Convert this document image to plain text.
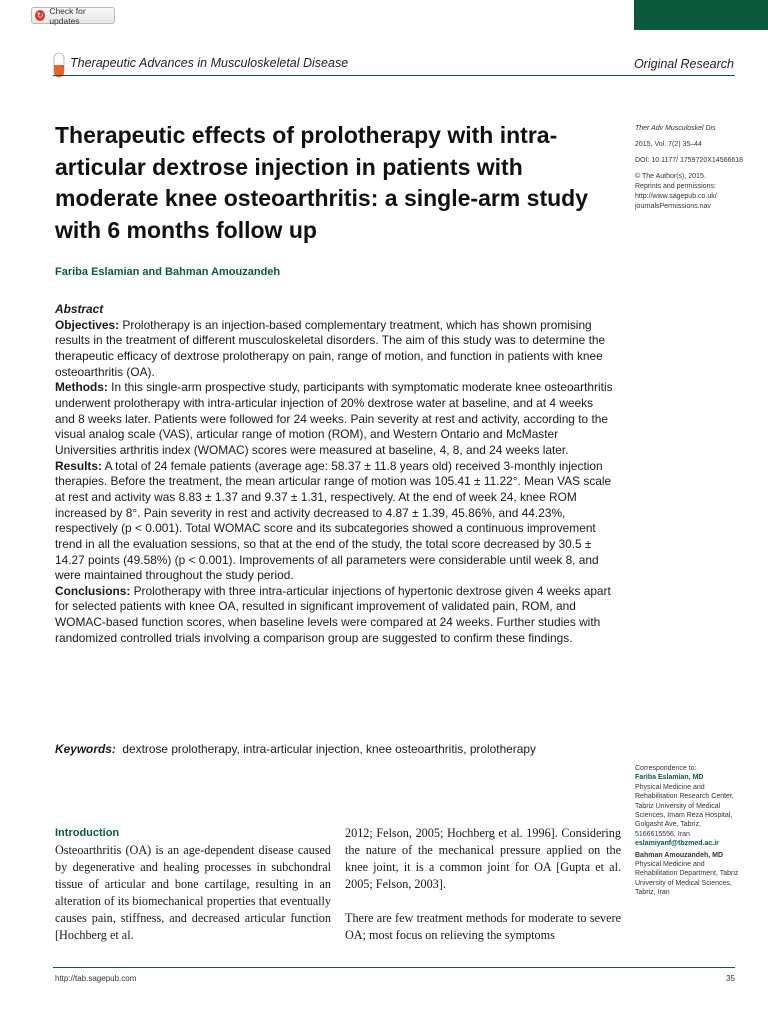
↻ Check for updates
Therapeutic Advances in Musculoskeletal Disease	Original Research
Therapeutic effects of prolotherapy with intra-articular dextrose injection in patients with moderate knee osteoarthritis: a single-arm study with 6 months follow up
Fariba Eslamian and Bahman Amouzandeh
Ther Adv Musculoskel Dis
2015, Vol. 7(2) 35–44
DOI: 10.1177/ 1759720X14566618
© The Author(s), 2015.
Reprints and permissions: http://www.sagepub.co.uk/ journalsPermissions.nav

Abstract

Objectives: Prolotherapy is an injection-based complementary treatment, which has shown promising results in the treatment of different musculoskeletal disorders. The aim of this study was to determine the therapeutic efficacy of dextrose prolotherapy on pain, range of motion, and function in patients with knee osteoarthritis (OA).

Methods: In this single-arm prospective study, participants with symptomatic moderate knee osteoarthritis underwent prolotherapy with intra-articular injection of 20% dextrose water at baseline, and at 4 weeks and 8 weeks later. Patients were followed for 24 weeks. Pain severity at rest and activity, according to the visual analog scale (VAS), articular range of motion (ROM), and Western Ontario and McMaster Universities arthritis index (WOMAC) scores were measured at baseline, 4, 8, and 24 weeks later.

Results: A total of 24 female patients (average age: 58.37 ± 11.8 years old) received 3-monthly injection therapies. Before the treatment, the mean articular range of motion was 105.41 ± 11.22°. Mean VAS scale at rest and activity was 8.83 ± 1.37 and 9.37 ± 1.31, respectively. At the end of week 24, knee ROM increased by 8°. Pain severity in rest and activity decreased to 4.87 ± 1.39, 45.86%, and 44.23%, respectively (p < 0.001). Total WOMAC score and its subcategories showed a continuous improvement trend in all the evaluation sessions, so that at the end of the study, the total score decreased by 30.5 ± 14.27 points (49.58%) (p < 0.001). Improvements of all parameters were considerable until week 8, and were maintained throughout the study period.

Conclusions: Prolotherapy with three intra-articular injections of hypertonic dextrose given 4 weeks apart for selected patients with knee OA, resulted in significant improvement of validated pain, ROM, and WOMAC-based function scores, when baseline levels were compared at 24 weeks. Further studies with randomized controlled trials involving a comparison group are suggested to confirm these findings.

Keywords: dextrose prolotherapy, intra-articular injection, knee osteoarthritis, prolotherapy
Correspondence to:
Fariba Eslamian, MD
Physical Medicine and Rehabilitation Research Center, Tabriz University of Medical Sciences, Imam Reza Hospital, Golgasht Ave, Tabriz, 5166615556, Iran
eslamiyanf@tbzmed.ac.ir
Bahman Amouzandeh, MD
Physical Medicine and Rehabilitation Department, Tabriz University of Medical Sciences, Tabriz, Iran

Introduction

Osteoarthritis (OA) is an age-dependent disease caused by degenerative and healing processes in subchondral tissue of articular and bone cartilage, resulting in an alteration of its biomechanical properties that eventually causes pain, stiffness, and decreased articular function [Hochberg et al.

2012; Felson, 2005; Hochberg et al. 1996]. Considering the nature of the mechanical pressure applied on the knee joint, it is a common joint for OA [Gupta et al. 2005; Felson, 2003].

There are few treatment methods for moderate to severe OA; most focus on relieving the symptoms

http://tab.sagepub.com	35
